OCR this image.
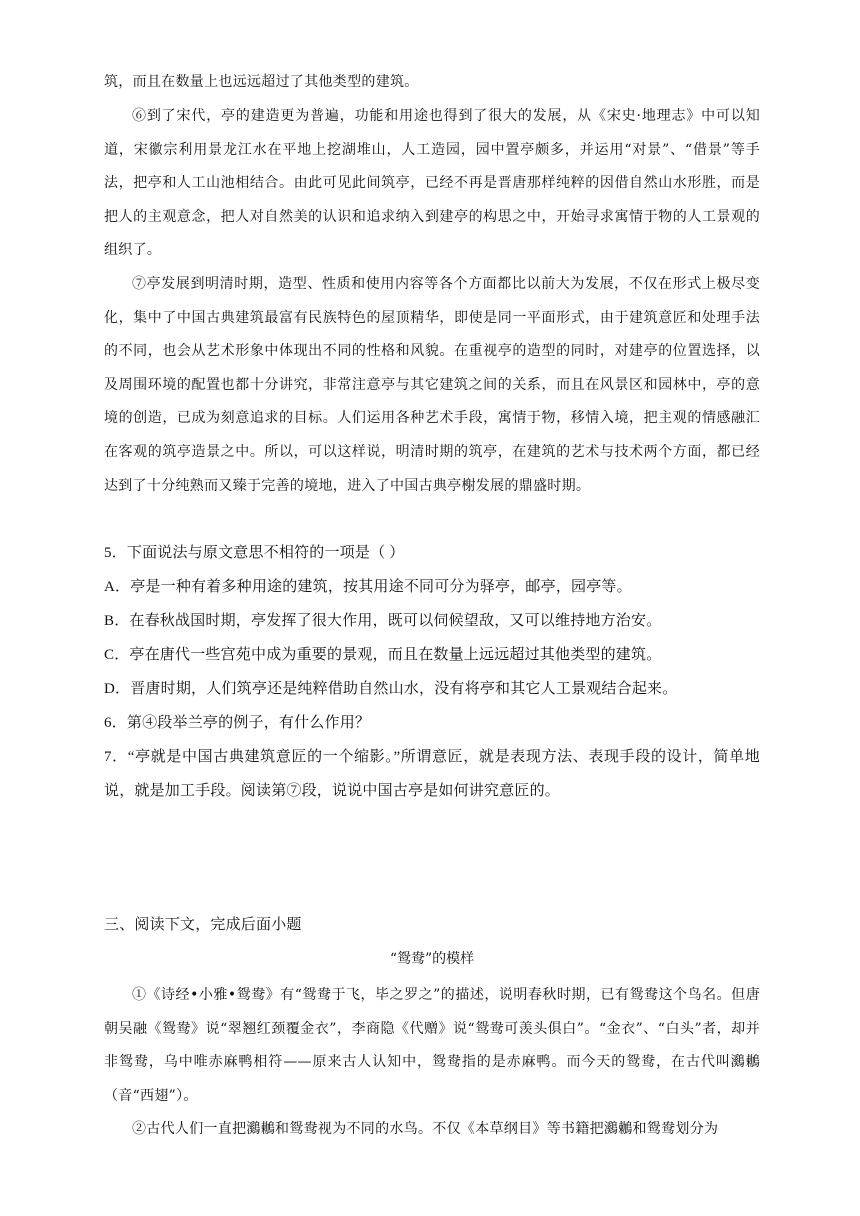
筑，而且在数量上也远远超过了其他类型的建筑。

⑥到了宋代，亭的建造更为普遍，功能和用途也得到了很大的发展，从《宋史·地理志》中可以知道，宋徽宗利用景龙江水在平地上挖湖堆山，人工造园，园中置亭颇多，并运用“对景”、“借景”等手法，把亭和人工山池相结合。由此可见此间筑亭，已经不再是晋唐那样纯粹的因借自然山水形胜，而是把人的主观意念，把人对自然美的认识和追求纳入到建亭的构思之中，开始寻求寓情于物的人工景观的组织了。

⑦亭发展到明清时期，造型、性质和使用内容等各个方面都比以前大为发展，不仅在形式上极尽变化，集中了中国古典建筑最富有民族特色的屋顶精华，即使是同一平面形式，由于建筑意匠和处理手法的不同，也会从艺术形象中体现出不同的性格和风貌。在重视亭的造型的同时，对建亭的位置选择，以及周围环境的配置也都十分讲究，非常注意亭与其它建筑之间的关系，而且在风景区和园林中，亭的意境的创造，已成为刻意追求的目标。人们运用各种艺术手段，寓情于物，移情入境，把主观的情感融汇在客观的筑亭造景之中。所以，可以这样说，明清时期的筑亭，在建筑的艺术与技术两个方面，都已经达到了十分纯熟而又臻于完善的境地，进入了中国古典亭榭发展的鼎盛时期。

5．下面说法与原文意思不相符的一项是（ ）

A．亭是一种有着多种用途的建筑，按其用途不同可分为驿亭，邮亭，园亭等。

B．在春秋战国时期，亭发挥了很大作用，既可以伺候望敌，又可以维持地方治安。

C．亭在唐代一些宫苑中成为重要的景观，而且在数量上远远超过其他类型的建筑。

D．晋唐时期，人们筑亭还是纯粹借助自然山水，没有将亭和其它人工景观结合起来。

6．第④段举兰亭的例子，有什么作用？

7．“亭就是中国古典建筑意匠的一个缩影。”所谓意匠，就是表现方法、表现手段的设计，简单地说，就是加工手段。阅读第⑦段，说说中国古亭是如何讲究意匠的。

三、阅读下文，完成后面小题

“鸳鸯”的模样

①《诗经•小雅•鸳鸯》有“鸳鸯于飞，毕之罗之”的描述，说明春秋时期，已有鸳鸯这个鸟名。但唐朝吴融《鸳鸯》说“翠翘红颈覆金衣”，李商隐《代赠》说“鸳鸯可羡头俱白”。“金衣”、“白头”者，却并非鸳鸯，乌中唯赤麻鸭相符——原来古人认知中，鸳鸯指的是赤麻鸭。而今天的鸳鸯，在古代叫鸂鶒（音“西翅”）。

②古代人们一直把鸂鶒和鸳鸯视为不同的水鸟。不仅《本草纲目》等书籍把鸂鶒和鸳鸯划分为
